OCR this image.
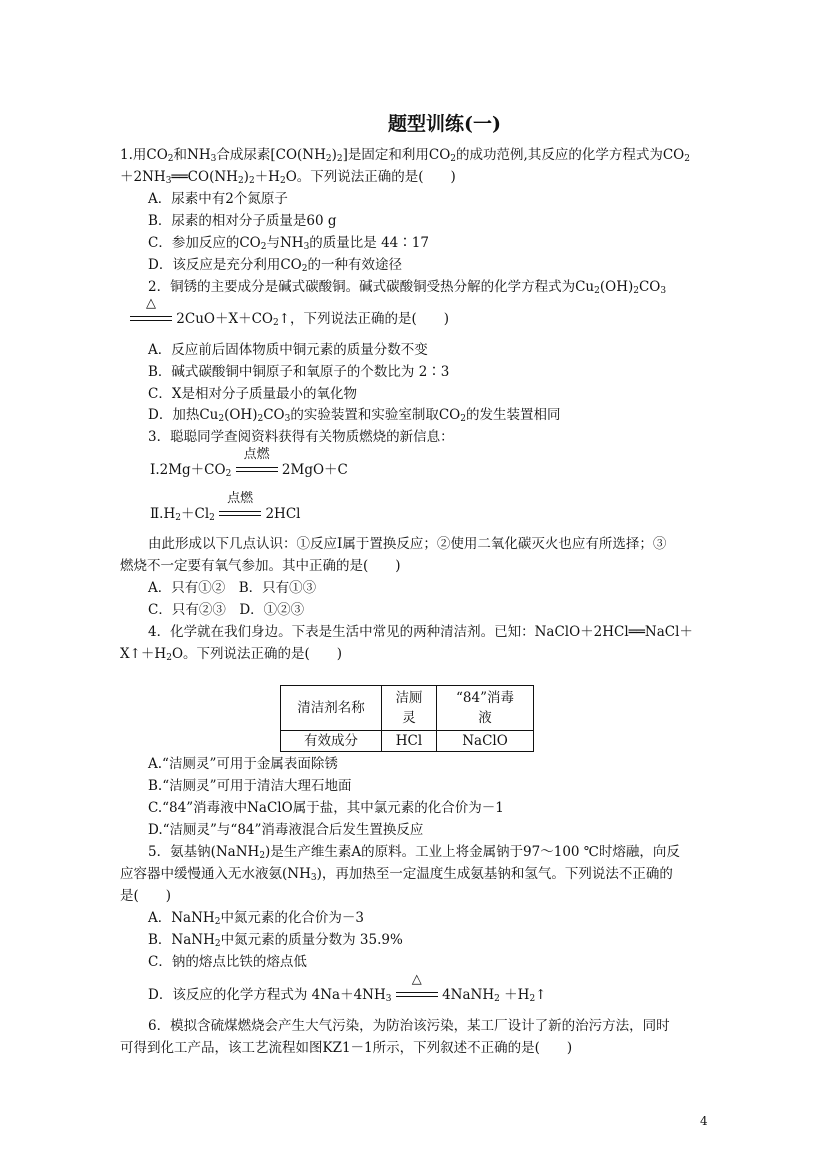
题型训练(一)
1.用$CO_2$和$NH_3$合成尿素$[CO(NH_2)_2]$是固定和利用$CO_2$的成功范例,其反应的化学方程式为$CO_2$
$+2NH_3══CO(NH_2)_2+H_2O$。下列说法正确的是(　　)
A．尿素中有2个氮原子
B．尿素的相对分子质量是60 g
C．参加反应的$CO_2$与$NH_3$的质量比是 44∶17
D．该反应是充分利用$CO_2$的一种有效途径
2．铜锈的主要成分是碱式碳酸铜。碱式碳酸铜受热分解的化学方程式为$Cu_2(OH)_2CO_3$
△
$2CuO+X+CO_2↑$，下列说法正确的是(　　)
A．反应前后固体物质中铜元素的质量分数不变
B．碱式碳酸铜中铜原子和氧原子的个数比为 2∶3
C．X是相对分子质量最小的氧化物
D．加热$Cu_2(OH)_2CO_3$的实验装置和实验室制取$CO_2$的发生装置相同
3．聪聪同学查阅资料获得有关物质燃烧的新信息：
$Ⅰ.2Mg+CO_2$
点燃
2MgO＋C
$Ⅱ.H_2+Cl_2$
点燃
2HCl
由此形成以下几点认识：①反应Ⅰ属于置换反应；②使用二氧化碳灭火也应有所选择；③
燃烧不一定要有氧气参加。其中正确的是(　　)
A．只有①②　B．只有①③
C．只有②③　D．①②③
4．化学就在我们身边。下表是生活中常见的两种清洁剂。已知：NaClO＋2HCl══NaCl＋
$X↑+H_2O$。下列说法正确的是(　　)
清洁剂名称	洁厕灵	“84”消毒
液
有效成分	HCl	NaClO
A.“洁厕灵”可用于金属表面除锈
B.“洁厕灵”可用于清洁大理石地面
C.“84”消毒液中NaClO属于盐，其中氯元素的化合价为－1
D.“洁厕灵”与“84”消毒液混合后发生置换反应
5．氨基钠(NaNH$_2$)是生产维生素A的原料。工业上将金属钠于97～100 ℃时熔融，向反
应容器中缓慢通入无水液氨$(NH_3)$，再加热至一定温度生成氨基钠和氢气。下列说法不正确的
是(　　)
A．NaNH$_2$中氮元素的化合价为－3
B．NaNH$_2$中氮元素的质量分数为 35.9%
C．钠的熔点比铁的熔点低
D．该反应的化学方程式为 $4Na+4NH_3$
△
4NaNH$_2$ $+H_2↑$
6．模拟含硫煤燃烧会产生大气污染，为防治该污染，某工厂设计了新的治污方法，同时
可得到化工产品，该工艺流程如图KZ1－1所示，下列叙述不正确的是(　　)
4
